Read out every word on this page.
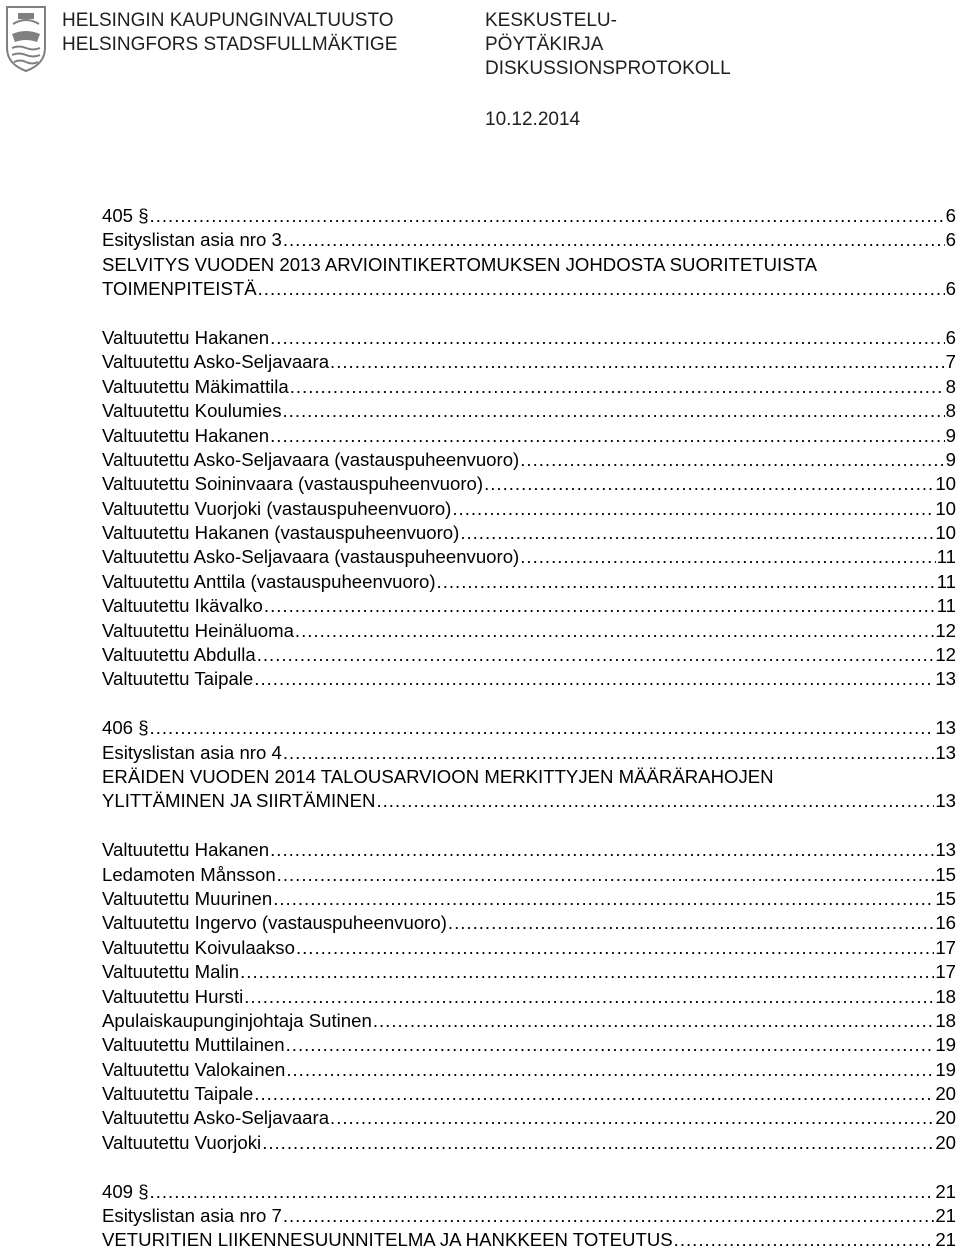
HELSINGIN KAUPUNGINVALTUUSTO
HELSINGFORS STADSFULLMÄKTIGE
KESKUSTELU-
PÖYTÄKIRJA
DISKUSSIONSPROTOKOLL
10.12.2014
405 § .....	6
Esityslistan asia nro 3 .....	6
SELVITYS VUODEN 2013 ARVIOINTIKERTOMUKSEN JOHDOSTA SUORITETUISTA
TOIMENPITEISTÄ .....	6
Valtuutettu Hakanen .....	6
Valtuutettu Asko-Seljavaara .....	7
Valtuutettu Mäkimattila .....	8
Valtuutettu Koulumies .....	8
Valtuutettu Hakanen .....	9
Valtuutettu Asko-Seljavaara (vastauspuheenvuoro) .....	9
Valtuutettu Soininvaara (vastauspuheenvuoro) .....	10
Valtuutettu Vuorjoki (vastauspuheenvuoro) .....	10
Valtuutettu Hakanen (vastauspuheenvuoro) .....	10
Valtuutettu Asko-Seljavaara (vastauspuheenvuoro) .....	11
Valtuutettu Anttila (vastauspuheenvuoro) .....	11
Valtuutettu Ikävalko .....	11
Valtuutettu Heinäluoma .....	12
Valtuutettu Abdulla .....	12
Valtuutettu Taipale .....	13
406 § .....	13
Esityslistan asia nro 4 .....	13
ERÄIDEN VUODEN 2014 TALOUSARVIOON MERKITTYJEN MÄÄRÄRAHOJEN
YLITTÄMINEN JA SIIRTÄMINEN .....	13
Valtuutettu Hakanen .....	13
Ledamoten Månsson .....	15
Valtuutettu Muurinen .....	15
Valtuutettu Ingervo (vastauspuheenvuoro) .....	16
Valtuutettu Koivulaakso .....	17
Valtuutettu Malin .....	17
Valtuutettu Hursti .....	18
Apulaiskaupunginjohtaja Sutinen .....	18
Valtuutettu Muttilainen .....	19
Valtuutettu Valokainen .....	19
Valtuutettu Taipale .....	20
Valtuutettu Asko-Seljavaara .....	20
Valtuutettu Vuorjoki .....	20
409 § .....	21
Esityslistan asia nro 7 .....	21
VETURITIEN LIIKENNESUUNNITELMA JA HANKKEEN TOTEUTUS .....	21
